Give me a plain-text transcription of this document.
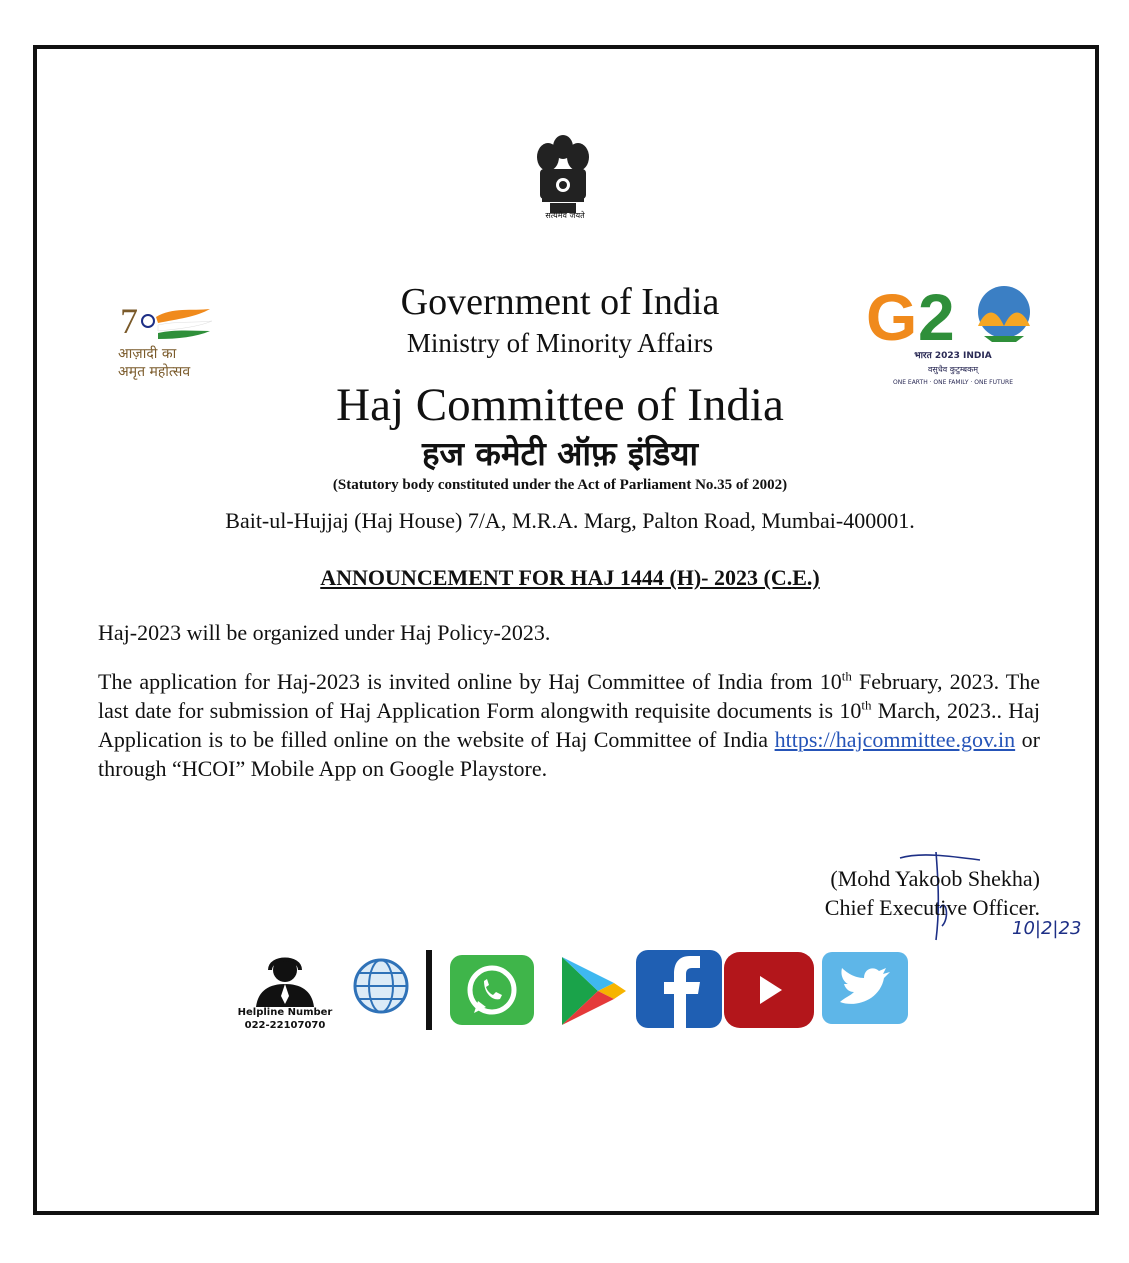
सत्यमेव जयते
7
आज़ादी का
अमृत महोत्सव
G 2
भारत 2023 INDIA
वसुधैव कुटुम्बकम्
ONE EARTH · ONE FAMILY · ONE FUTURE
Government of India
Ministry of Minority Affairs
Haj Committee of India
हज कमेटी ऑफ़ इंडिया
(Statutory body constituted under the Act of Parliament No.35 of 2002)
Bait-ul-Hujjaj (Haj House) 7/A, M.R.A. Marg, Palton Road, Mumbai-400001.
ANNOUNCEMENT FOR HAJ 1444 (H)- 2023 (C.E.)
Haj-2023 will be organized under Haj Policy-2023.
The application for Haj-2023 is invited online by Haj Committee of India from 10th February, 2023. The last date for submission of Haj Application Form alongwith requisite documents is 10th March, 2023.. Haj Application is to be filled online on the website of Haj Committee of India https://hajcommittee.gov.in or through “HCOI” Mobile App on Google Playstore.
(Mohd Yakoob Shekha)
Chief Executive Officer.
10|2|23
Helpline Number
022-22107070
